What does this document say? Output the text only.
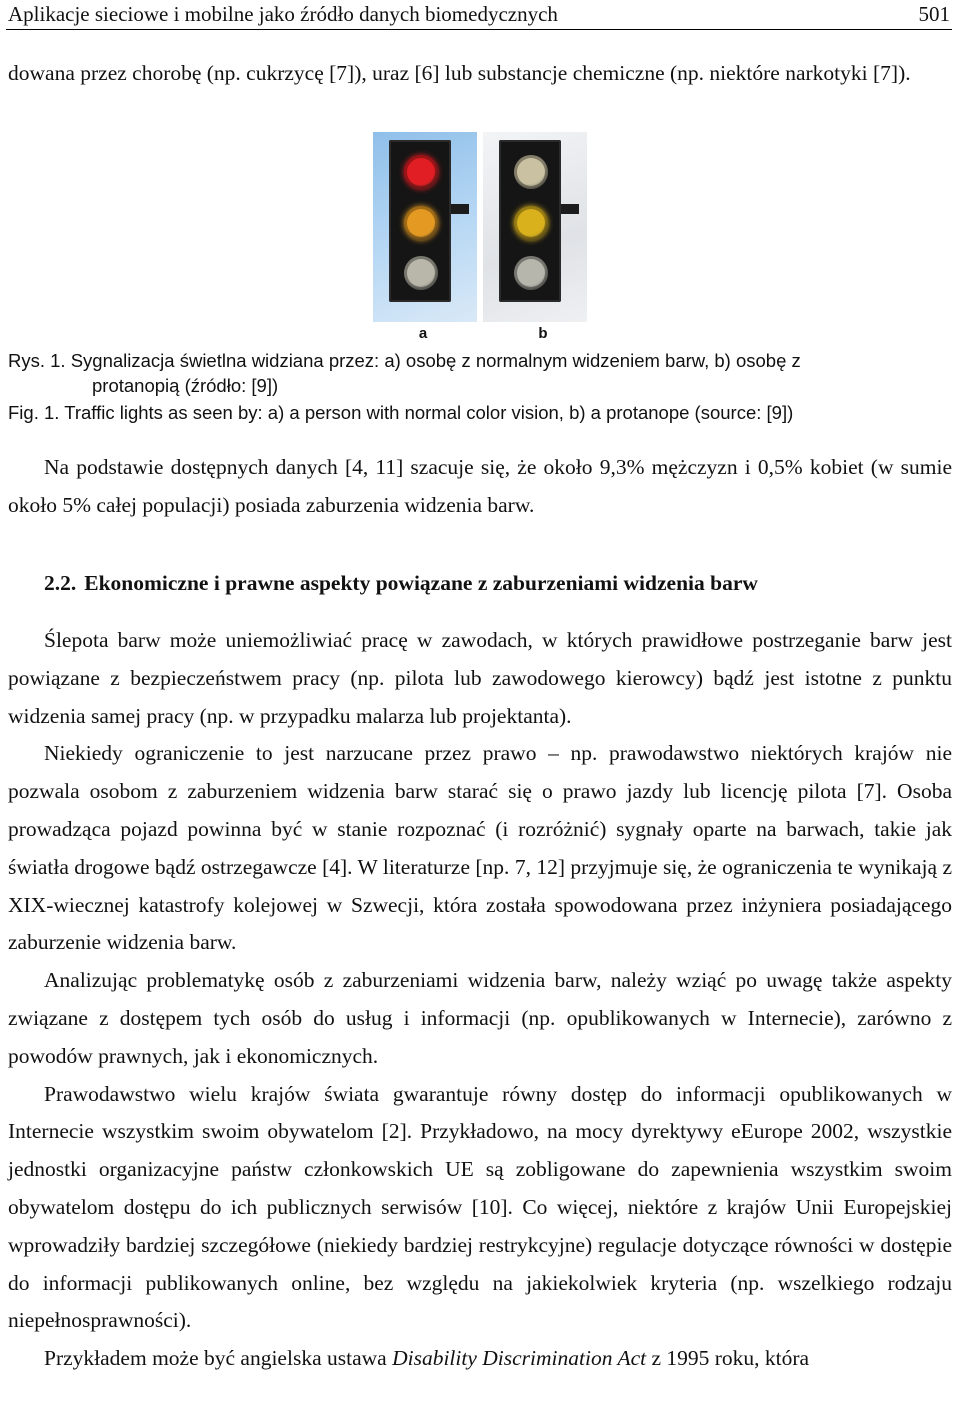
Aplikacje sieciowe i mobilne jako źródło danych biomedycznych	501

dowana przez chorobę (np. cukrzycę [7]), uraz [6] lub substancje chemiczne (np. niektóre narkotyki [7]).

a	b
Rys. 1. Sygnalizacja świetlna widziana przez: a) osobę z normalnym widzeniem barw, b) osobę z
protanopią (źródło: [9])
Fig. 1. Traffic lights as seen by: a) a person with normal color vision, b) a protanope (source: [9])

Na podstawie dostępnych danych [4, 11] szacuje się, że około 9,3% mężczyzn i 0,5% kobiet (w sumie około 5% całej populacji) posiada zaburzenia widzenia barw.

2.2. Ekonomiczne i prawne aspekty powiązane z zaburzeniami widzenia barw

Ślepota barw może uniemożliwiać pracę w zawodach, w których prawidłowe postrzeganie barw jest powiązane z bezpieczeństwem pracy (np. pilota lub zawodowego kierowcy) bądź jest istotne z punktu widzenia samej pracy (np. w przypadku malarza lub projektanta).

Niekiedy ograniczenie to jest narzucane przez prawo – np. prawodawstwo niektórych krajów nie pozwala osobom z zaburzeniem widzenia barw starać się o prawo jazdy lub licencję pilota [7]. Osoba prowadząca pojazd powinna być w stanie rozpoznać (i rozróżnić) sygnały oparte na barwach, takie jak światła drogowe bądź ostrzegawcze [4]. W literaturze [np. 7, 12] przyjmuje się, że ograniczenia te wynikają z XIX-wiecznej katastrofy kolejowej w Szwecji, która została spowodowana przez inżyniera posiadającego zaburzenie widzenia barw.

Analizując problematykę osób z zaburzeniami widzenia barw, należy wziąć po uwagę także aspekty związane z dostępem tych osób do usług i informacji (np. opublikowanych w Internecie), zarówno z powodów prawnych, jak i ekonomicznych.

Prawodawstwo wielu krajów świata gwarantuje równy dostęp do informacji opublikowanych w Internecie wszystkim swoim obywatelom [2]. Przykładowo, na mocy dyrektywy eEurope 2002, wszystkie jednostki organizacyjne państw członkowskich UE są zobligowane do zapewnienia wszystkim swoim obywatelom dostępu do ich publicznych serwisów [10]. Co więcej, niektóre z krajów Unii Europejskiej wprowadziły bardziej szczegółowe (niekiedy bardziej restrykcyjne) regulacje dotyczące równości w dostępie do informacji publikowanych online, bez względu na jakiekolwiek kryteria (np. wszelkiego rodzaju niepełnosprawności).

Przykładem może być angielska ustawa Disability Discrimination Act z 1995 roku, która
